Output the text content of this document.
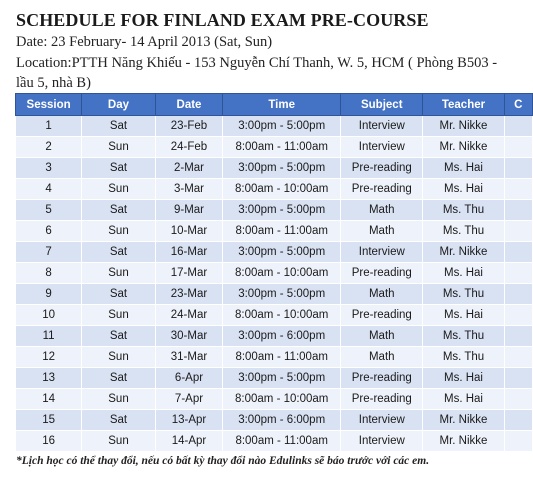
SCHEDULE FOR FINLAND EXAM PRE-COURSE
Date: 23 February- 14 April 2013 (Sat, Sun)
Location:PTTH Năng Khiếu - 153 Nguyễn Chí Thanh, W. 5, HCM ( Phòng B503 - lầu 5, nhà B)
Session	Day	Date	Time	Subject	Teacher	C
1	Sat	23-Feb	3:00pm - 5:00pm	Interview	Mr. Nikke	
2	Sun	24-Feb	8:00am - 11:00am	Interview	Mr. Nikke	
3	Sat	2-Mar	3:00pm - 5:00pm	Pre-reading	Ms. Hai	
4	Sun	3-Mar	8:00am - 10:00am	Pre-reading	Ms. Hai	
5	Sat	9-Mar	3:00pm - 5:00pm	Math	Ms. Thu	
6	Sun	10-Mar	8:00am - 11:00am	Math	Ms. Thu	
7	Sat	16-Mar	3:00pm - 5:00pm	Interview	Mr. Nikke	
8	Sun	17-Mar	8:00am - 10:00am	Pre-reading	Ms. Hai	
9	Sat	23-Mar	3:00pm - 5:00pm	Math	Ms. Thu	
10	Sun	24-Mar	8:00am - 10:00am	Pre-reading	Ms. Hai	
11	Sat	30-Mar	3:00pm - 6:00pm	Math	Ms. Thu	
12	Sun	31-Mar	8:00am - 11:00am	Math	Ms. Thu	
13	Sat	6-Apr	3:00pm - 5:00pm	Pre-reading	Ms. Hai	
14	Sun	7-Apr	8:00am - 10:00am	Pre-reading	Ms. Hai	
15	Sat	13-Apr	3:00pm - 6:00pm	Interview	Mr. Nikke	
16	Sun	14-Apr	8:00am - 11:00am	Interview	Mr. Nikke	
*Lịch học có thể thay đổi, nếu có bất kỳ thay đổi nào Edulinks sẽ báo trước với các em.
